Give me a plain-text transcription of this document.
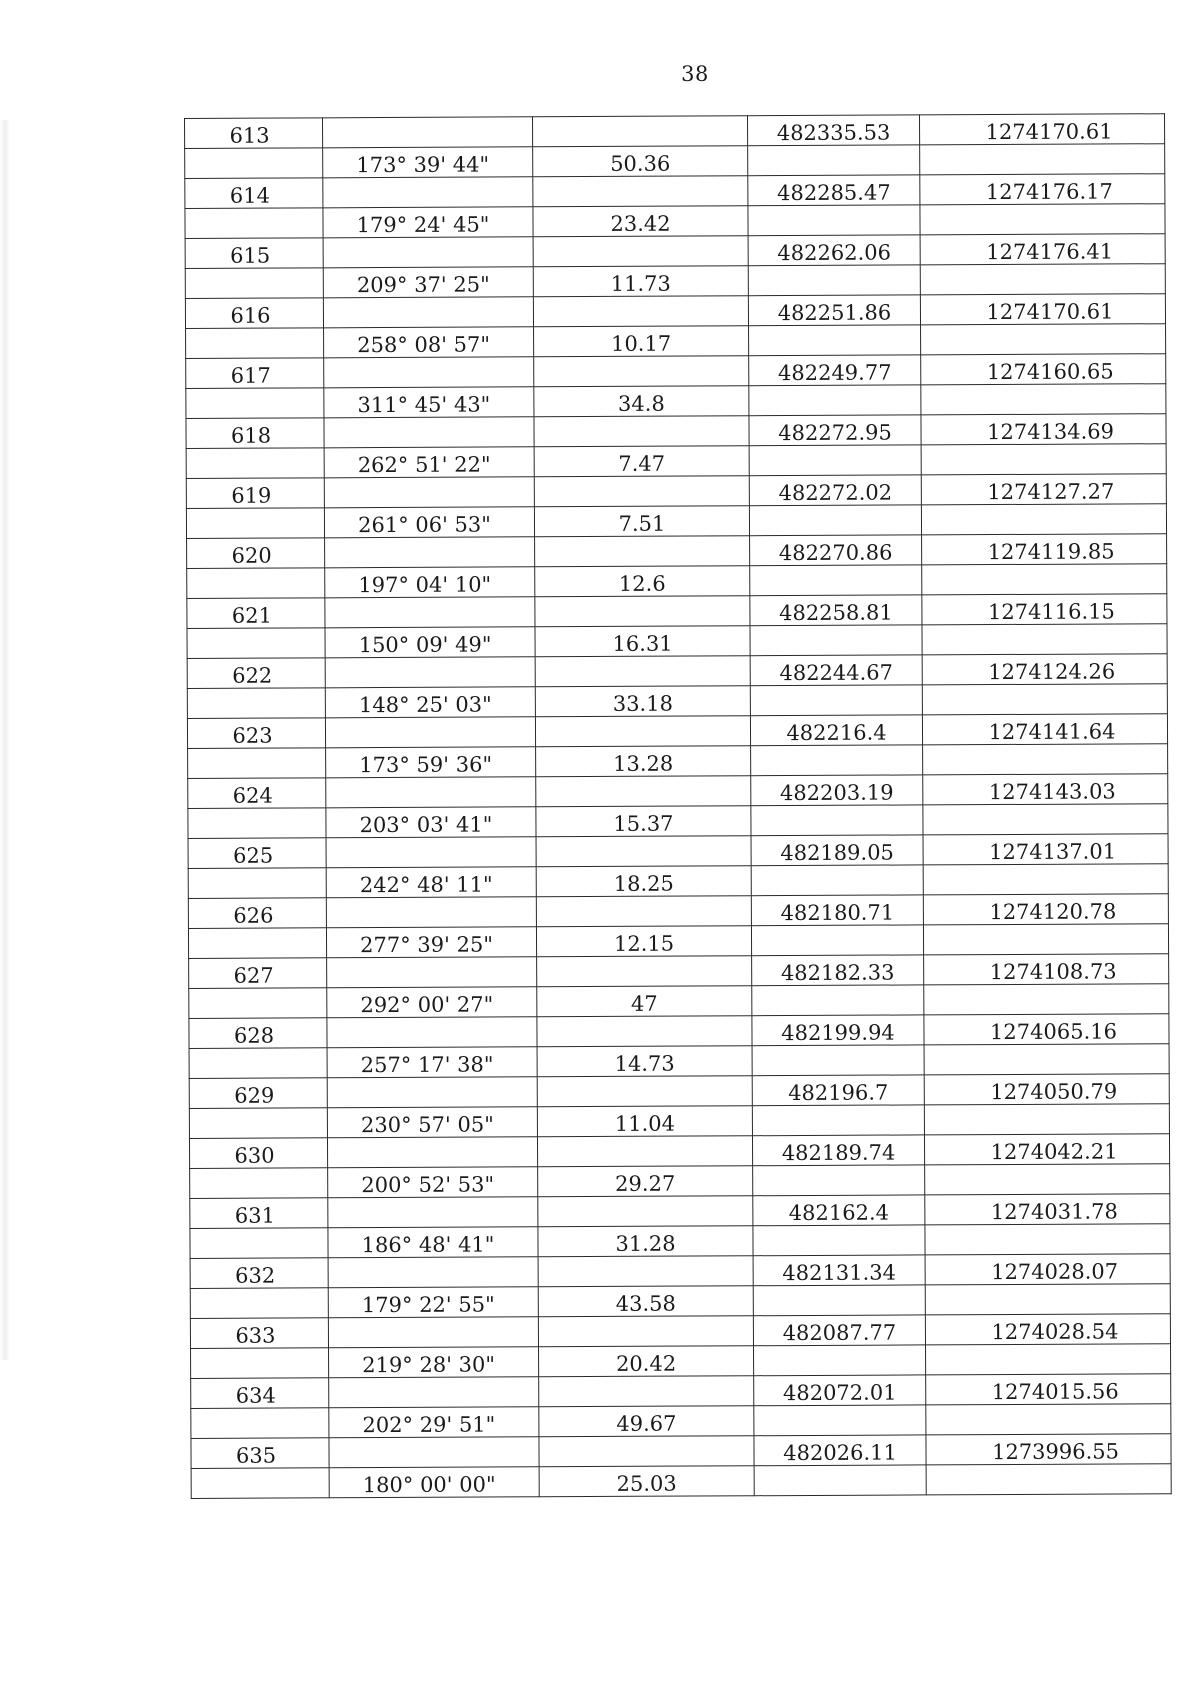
38
613			482335.53	1274170.61
	173° 39' 44"	50.36		
614			482285.47	1274176.17
	179° 24' 45"	23.42		
615			482262.06	1274176.41
	209° 37' 25"	11.73		
616			482251.86	1274170.61
	258° 08' 57"	10.17		
617			482249.77	1274160.65
	311° 45' 43"	34.8		
618			482272.95	1274134.69
	262° 51' 22"	7.47		
619			482272.02	1274127.27
	261° 06' 53"	7.51		
620			482270.86	1274119.85
	197° 04' 10"	12.6		
621			482258.81	1274116.15
	150° 09' 49"	16.31		
622			482244.67	1274124.26
	148° 25' 03"	33.18		
623			482216.4	1274141.64
	173° 59' 36"	13.28		
624			482203.19	1274143.03
	203° 03' 41"	15.37		
625			482189.05	1274137.01
	242° 48' 11"	18.25		
626			482180.71	1274120.78
	277° 39' 25"	12.15		
627			482182.33	1274108.73
	292° 00' 27"	47		
628			482199.94	1274065.16
	257° 17' 38"	14.73		
629			482196.7	1274050.79
	230° 57' 05"	11.04		
630			482189.74	1274042.21
	200° 52' 53"	29.27		
631			482162.4	1274031.78
	186° 48' 41"	31.28		
632			482131.34	1274028.07
	179° 22' 55"	43.58		
633			482087.77	1274028.54
	219° 28' 30"	20.42		
634			482072.01	1274015.56
	202° 29' 51"	49.67		
635			482026.11	1273996.55
	180° 00' 00"	25.03		
